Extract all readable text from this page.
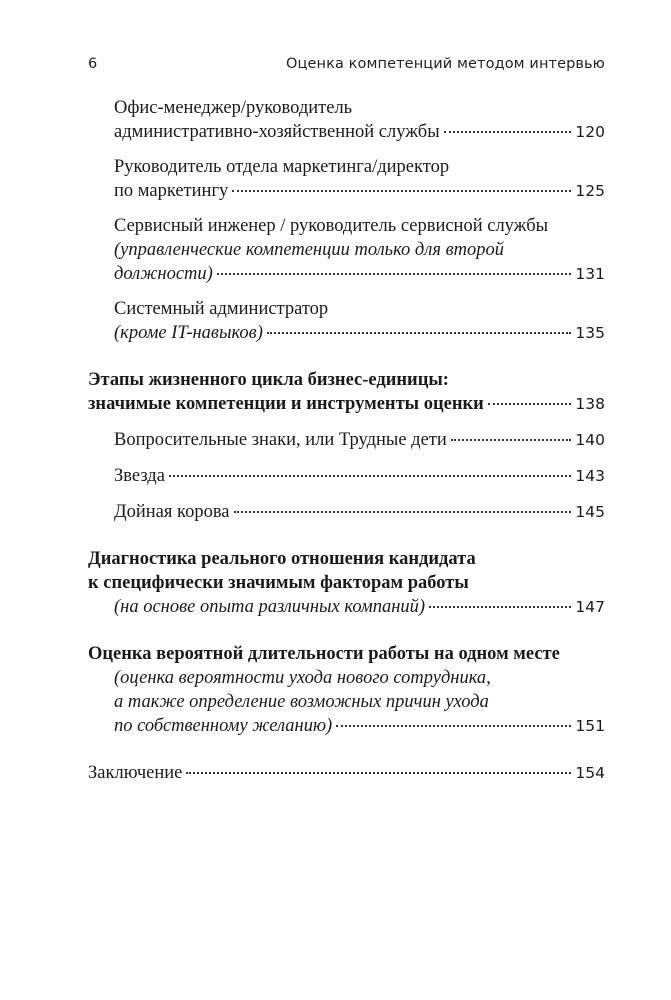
6	Оценка компетенций методом интервью
Офис-менеджер/руководитель
административно-хозяйственной службы	120
Руководитель отдела маркетинга/директор
по маркетингу	125
Сервисный инженер / руководитель сервисной службы
(управленческие компетенции только для второй
должности)	131
Системный администратор
(кроме IT-навыков)	135
Этапы жизненного цикла бизнес-единицы:
значимые компетенции и инструменты оценки	138
Вопросительные знаки, или Трудные дети	140
Звезда	143
Дойная корова	145
Диагностика реального отношения кандидата
к специфически значимым факторам работы
(на основе опыта различных компаний)	147
Оценка вероятной длительности работы на одном месте
(оценка вероятности ухода нового сотрудника,
а также определение возможных причин ухода
по собственному желанию)	151
Заключение	154
